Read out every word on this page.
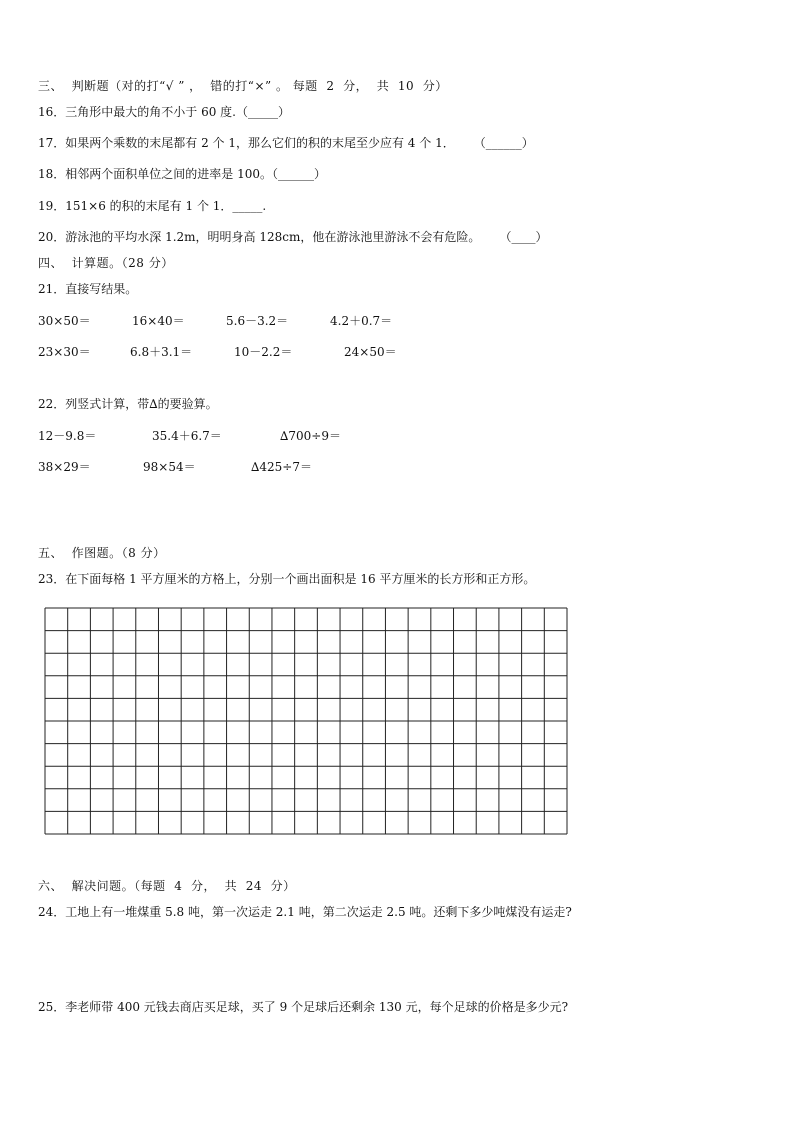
三、  判断题（对的打“√ ” ，  错的打“×” 。 每题  2  分，  共  10  分）
16．三角形中最大的角不小于 60 度.（_____）
17．如果两个乘数的末尾都有 2 个 1，那么它们的积的末尾至少应有 4 个 1．     （______）
18．相邻两个面积单位之间的进率是 100。（______）
19．151×6 的积的末尾有 1 个 1．_____.
20．游泳池的平均水深 1.2m，明明身高 128cm，他在游泳池里游泳不会有危险。     （____）
四、  计算题。（28 分）
21．直接写结果。
30×50＝	16×40＝	5.6－3.2＝	4.2＋0.7＝
23×30＝	6.8＋3.1＝	10－2.2＝	24×50＝
22．列竖式计算，带∆的要验算。
12－9.8＝	35.4＋6.7＝	∆700÷9＝
38×29＝	98×54＝	∆425÷7＝
五、  作图题。（8 分）
23．在下面每格 1 平方厘米的方格上，分别一个画出面积是 16 平方厘米的长方形和正方形。
六、  解决问题。（每题  4  分，  共  24  分）
24．工地上有一堆煤重 5.8 吨，第一次运走 2.1 吨，第二次运走 2.5 吨。还剩下多少吨煤没有运走?
25．李老师带 400 元钱去商店买足球，买了 9 个足球后还剩余 130 元，每个足球的价格是多少元?
